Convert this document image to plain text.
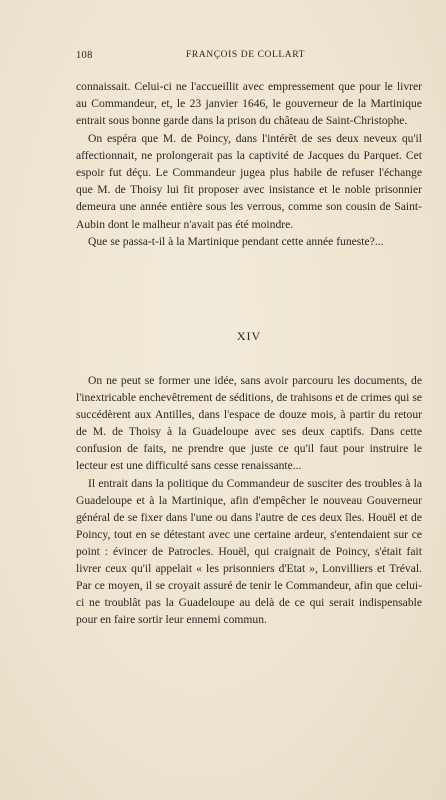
108	FRANÇOIS DE COLLART

connaissait. Celui-ci ne l'accueillit avec empressement que pour le livrer au Commandeur, et, le 23 janvier 1646, le gouverneur de la Martinique entrait sous bonne garde dans la prison du château de Saint-Christophe.

On espéra que M. de Poincy, dans l'intérêt de ses deux neveux qu'il affectionnait, ne prolongerait pas la captivité de Jacques du Parquet. Cet espoir fut déçu. Le Commandeur jugea plus habile de refuser l'échange que M. de Thoisy lui fit proposer avec insistance et le noble prisonnier demeura une année entière sous les verrous, comme son cousin de Saint-Aubin dont le malheur n'avait pas été moindre.

Que se passa-t-il à la Martinique pendant cette année funeste?...

XIV

On ne peut se former une idée, sans avoir parcouru les documents, de l'inextricable enchevêtrement de séditions, de trahisons et de crimes qui se succédèrent aux Antilles, dans l'espace de douze mois, à partir du retour de M. de Thoisy à la Guadeloupe avec ses deux captifs. Dans cette confusion de faits, ne prendre que juste ce qu'il faut pour instruire le lecteur est une difficulté sans cesse renaissante...

Il entrait dans la politique du Commandeur de susciter des troubles à la Guadeloupe et à la Martinique, afin d'empêcher le nouveau Gouverneur général de se fixer dans l'une ou dans l'autre de ces deux îles. Houël et de Poincy, tout en se détestant avec une certaine ardeur, s'entendaient sur ce point : évincer de Patrocles. Houël, qui craignait de Poincy, s'était fait livrer ceux qu'il appelait « les prisonniers d'Etat », Lonvilliers et Tréval. Par ce moyen, il se croyait assuré de tenir le Commandeur, afin que celui-ci ne troublât pas la Guadeloupe au delà de ce qui serait indispensable pour en faire sortir leur ennemi commun.
